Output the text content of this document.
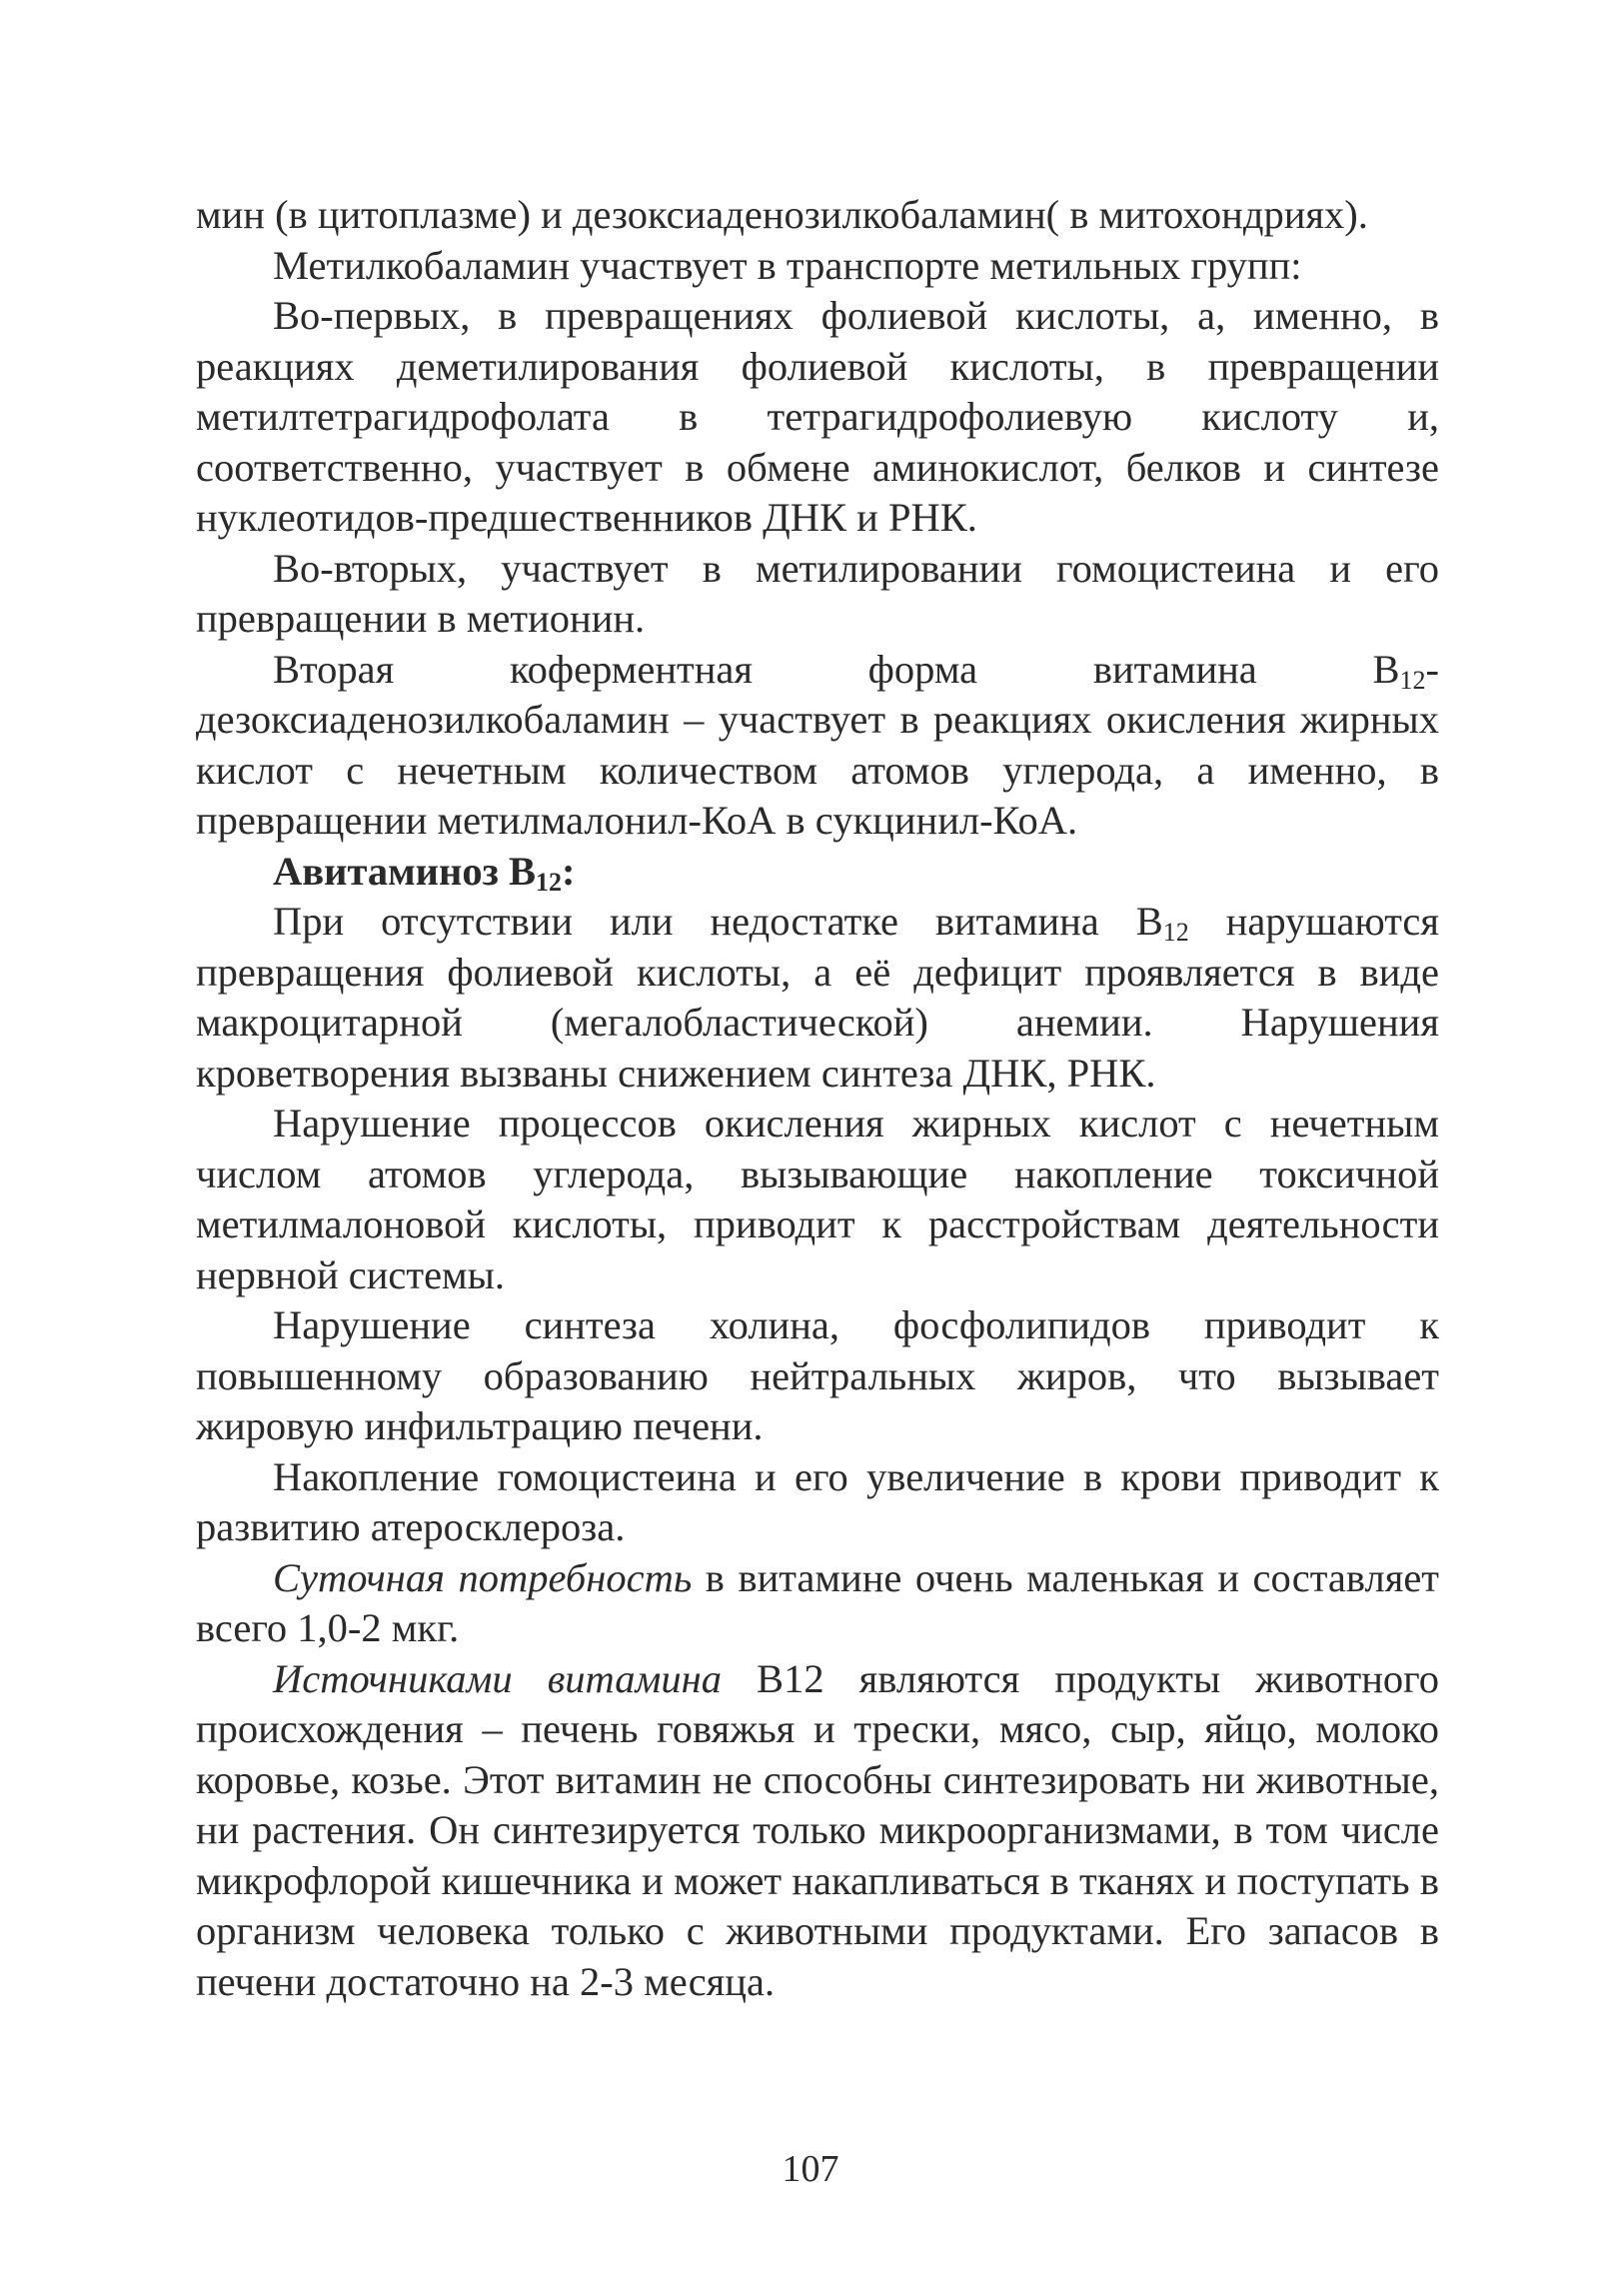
мин (в цитоплазме) и дезоксиаденозилкобаламин( в митохондриях).

Метилкобаламин участвует в транспорте метильных групп:

Во-первых, в превращениях фолиевой кислоты, а, именно, в реакциях деметилирования фолиевой кислоты, в превращении метилтетрагидрофолата в тетрагидрофолиевую кислоту и, соответственно, участвует в обмене аминокислот, белков и синтезе нуклеотидов-предшественников ДНК и РНК.

Во-вторых, участвует в метилировании гомоцистеина и его превращении в метионин.

Вторая коферментная форма витамина $В_{12}$-дезоксиаденозилкобаламин – участвует в реакциях окисления жирных кислот с нечетным количеством атомов углерода, а именно, в превращении метилмалонил-КоА в сукцинил-КоА.

Авитаминоз $В_{12}$:

При отсутствии или недостатке витамина $В_{12}$ нарушаются превращения фолиевой кислоты, а её дефицит проявляется в виде макроцитарной (мегалобластической) анемии. Нарушения кроветворения вызваны снижением синтеза ДНК, РНК.

Нарушение процессов окисления жирных кислот с нечетным числом атомов углерода, вызывающие накопление токсичной метилмалоновой кислоты, приводит к расстройствам деятельности нервной системы.

Нарушение синтеза холина, фосфолипидов приводит к повышенному образованию нейтральных жиров, что вызывает жировую инфильтрацию печени.

Накопление гомоцистеина и его увеличение в крови приводит к развитию атеросклероза.

Суточная потребность в витамине очень маленькая и составляет всего 1,0-2 мкг.

Источниками витамина В12 являются продукты животного происхождения – печень говяжья и трески, мясо, сыр, яйцо, молоко коровье, козье. Этот витамин не способны синтезировать ни животные, ни растения. Он синтезируется только микроорганизмами, в том числе микрофлорой кишечника и может накапливаться в тканях и поступать в организм человека только с животными продуктами. Его запасов в печени достаточно на 2-3 месяца.

107
